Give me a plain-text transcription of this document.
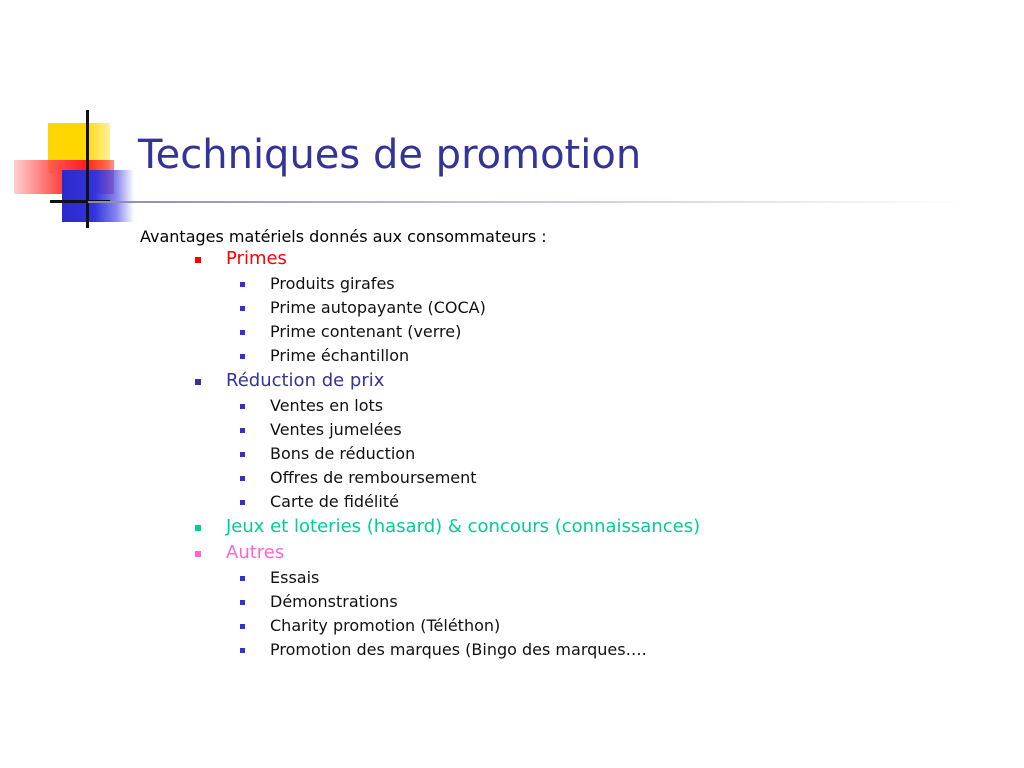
Techniques de promotion
Avantages matériels donnés aux consommateurs :
Primes
Produits girafes
Prime autopayante (COCA)
Prime contenant (verre)
Prime échantillon
Réduction de prix
Ventes en lots
Ventes jumelées
Bons de réduction
Offres de remboursement
Carte de fidélité
Jeux et loteries (hasard) & concours (connaissances)
Autres
Essais
Démonstrations
Charity promotion (Téléthon)
Promotion des marques (Bingo des marques….
